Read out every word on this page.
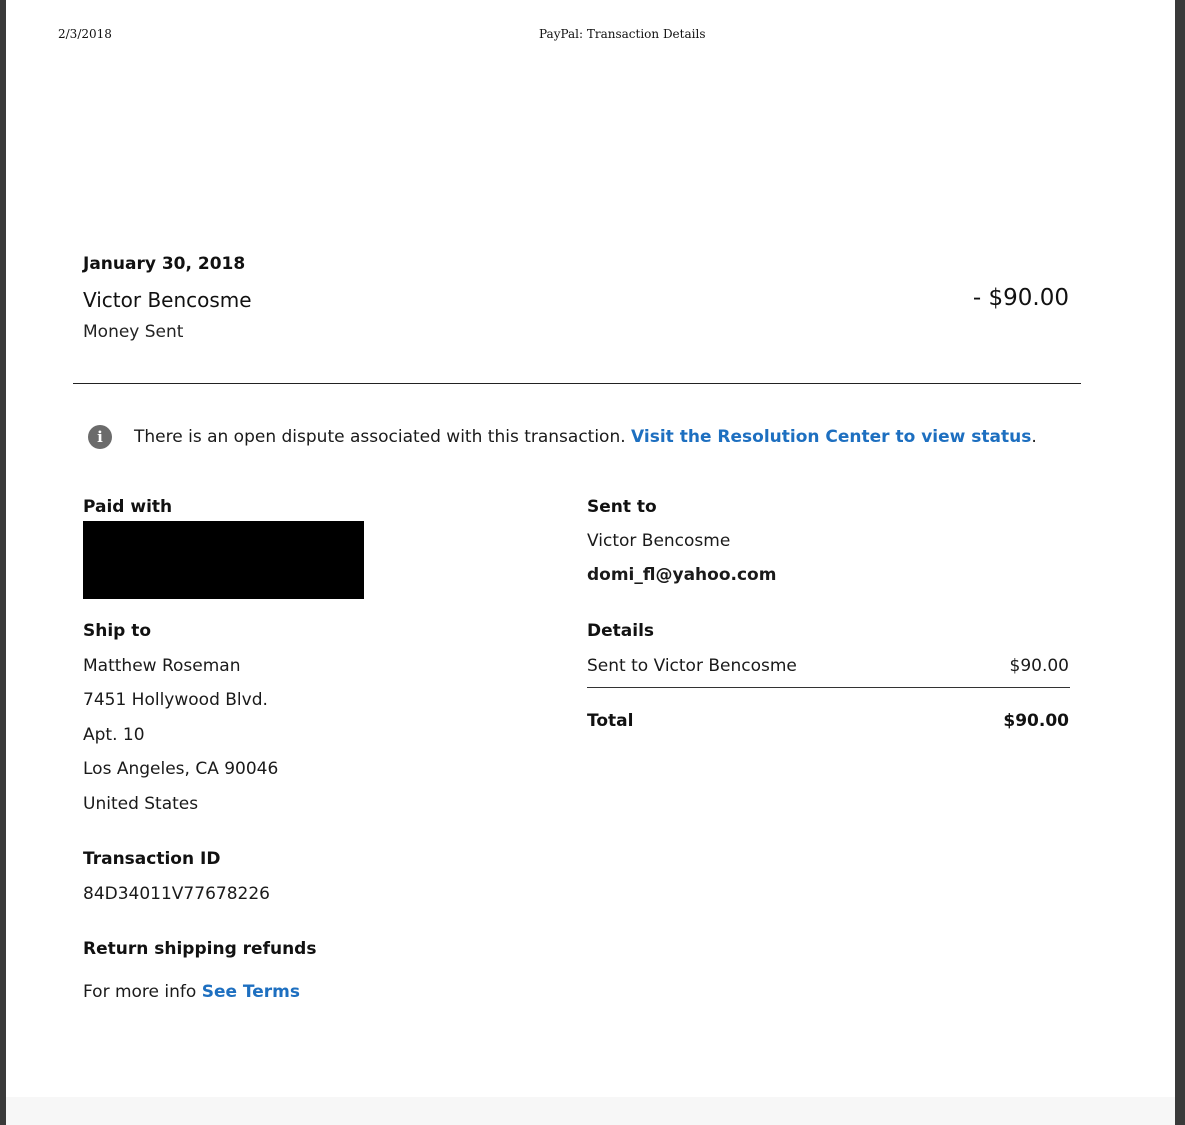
2/3/2018	PayPal: Transaction Details
January 30, 2018
Victor Bencosme
Money Sent
- $90.00
i	There is an open dispute associated with this transaction.
Visit the Resolution Center to view status .
Paid with
Ship to
Matthew Roseman
7451 Hollywood Blvd.
Apt. 10
Los Angeles, CA 90046
United States
Transaction ID
84D34011V77678226
Return shipping refunds
For more info See Terms
Sent to
Victor Bencosme
domi_fl@yahoo.com
Details
Sent to Victor Bencosme	$90.00
Total	$90.00
